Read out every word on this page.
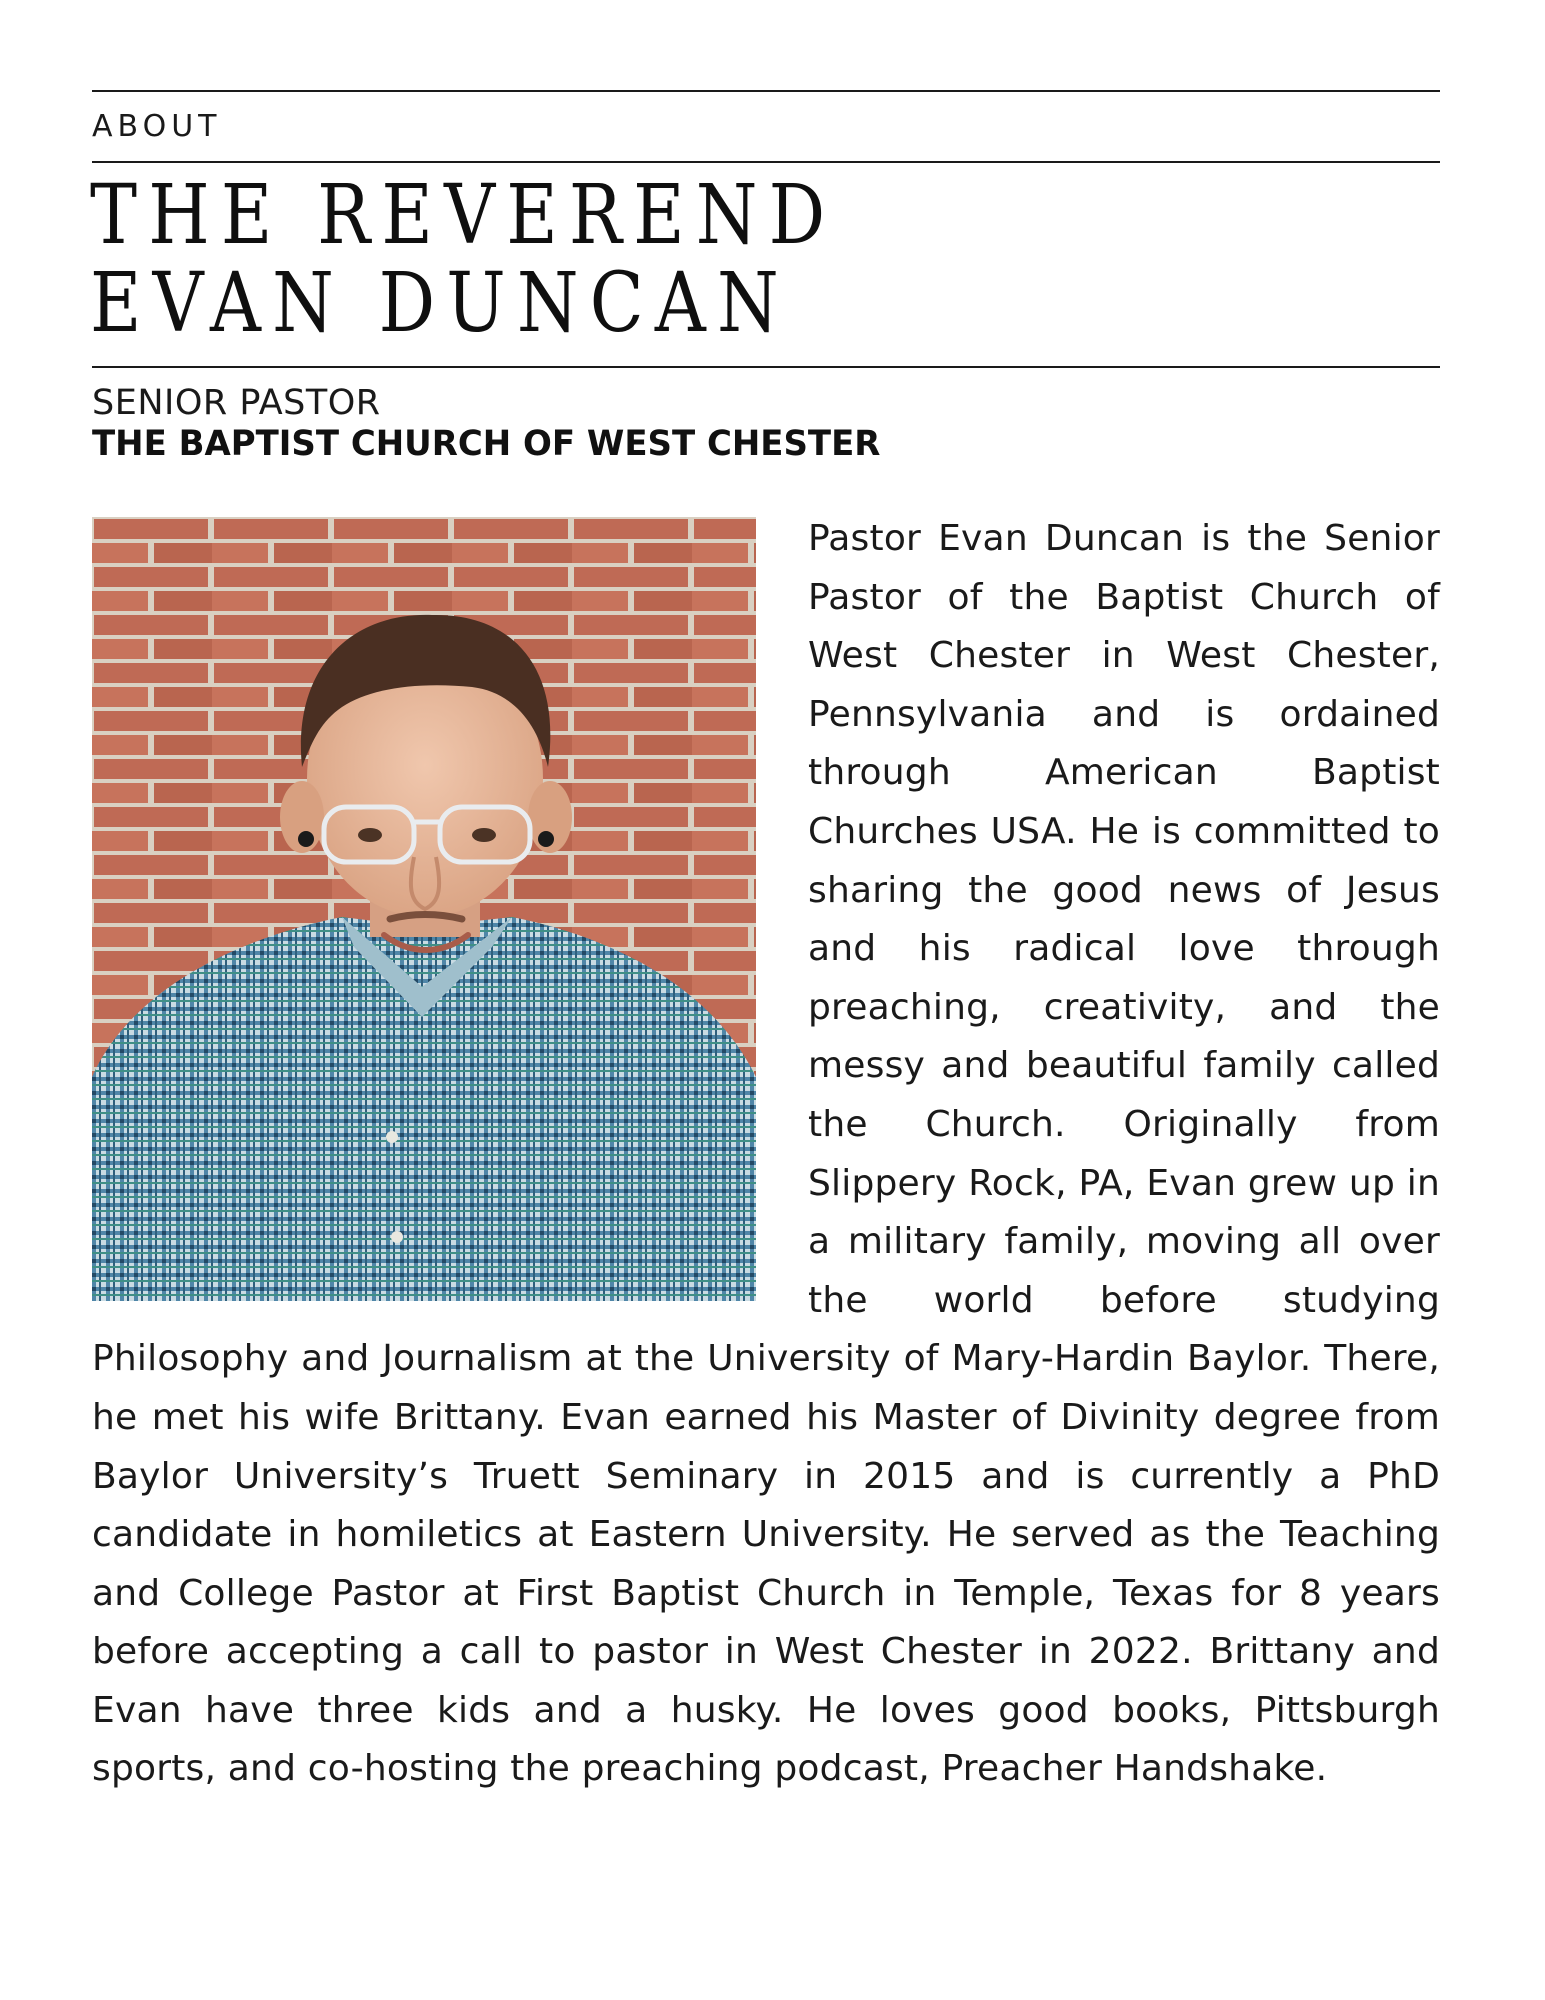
ABOUT
THE REVEREND
EVAN DUNCAN
SENIOR PASTOR
THE BAPTIST CHURCH OF WEST CHESTER
Pastor Evan Duncan is the Senior Pastor of the Baptist Church of West Chester in West Chester, Pennsylvania and is ordained through American Baptist Churches USA. He is committed to sharing the good news of Jesus and his radical love through preaching, creativity, and the messy and beautiful family called the Church. Originally from Slippery Rock, PA, Evan grew up in a military family, moving all over the world before studying Philosophy and Journalism at the University of Mary-Hardin Baylor. There, he met his wife Brittany. Evan earned his Master of Divinity degree from Baylor University’s Truett Seminary in 2015 and is currently a PhD candidate in homiletics at Eastern University. He served as the Teaching and College Pastor at First Baptist Church in Temple, Texas for 8 years before accepting a call to pastor in West Chester in 2022. Brittany and Evan have three kids and a husky. He loves good books, Pittsburgh sports, and co-hosting the preaching podcast, Preacher Handshake.
